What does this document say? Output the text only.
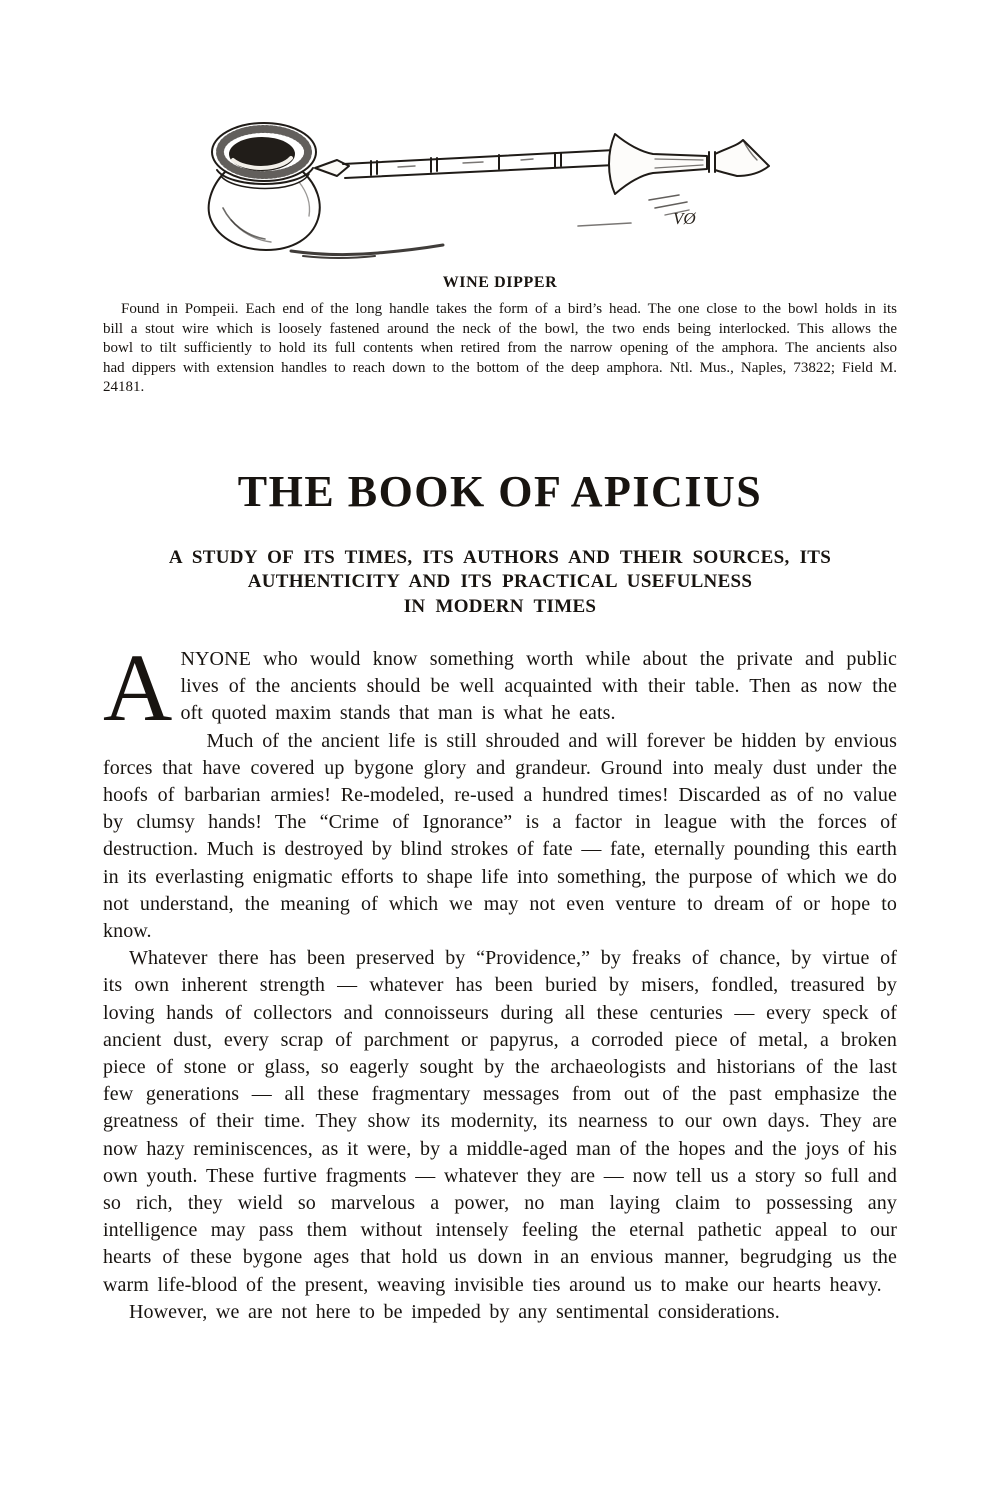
VØ
WINE DIPPER

Found in Pompeii. Each end of the long handle takes the form of a bird’s head. The one close to the bowl holds in its bill a stout wire which is loosely fastened around the neck of the bowl, the two ends being interlocked. This allows the bowl to tilt sufficiently to hold its full contents when retired from the narrow opening of the amphora. The ancients also had dippers with extension handles to reach down to the bottom of the deep amphora. Ntl. Mus., Naples, 73822; Field M. 24181.

THE BOOK OF APICIUS
A STUDY OF ITS TIMES, ITS AUTHORS AND THEIR SOURCES, ITS
AUTHENTICITY AND ITS PRACTICAL USEFULNESS
IN MODERN TIMES

ANYONE who would know something worth while about the private and public lives of the ancients should be well acquainted with their table. Then as now the oft quoted maxim stands that man is what he eats.

Much of the ancient life is still shrouded and will forever be hidden by envious forces that have covered up bygone glory and grandeur. Ground into mealy dust under the hoofs of barbarian armies! Re-modeled, re-used a hundred times! Discarded as of no value by clumsy hands! The “Crime of Ignorance” is a factor in league with the forces of destruction. Much is destroyed by blind strokes of fate — fate, eternally pounding this earth in its everlasting enigmatic efforts to shape life into something, the purpose of which we do not understand, the meaning of which we may not even venture to dream of or hope to know.

Whatever there has been preserved by “Providence,” by freaks of chance, by virtue of its own inherent strength — whatever has been buried by misers, fondled, treasured by loving hands of collectors and connoisseurs during all these centuries — every speck of ancient dust, every scrap of parchment or papyrus, a corroded piece of metal, a broken piece of stone or glass, so eagerly sought by the archaeologists and historians of the last few generations — all these fragmentary messages from out of the past emphasize the greatness of their time. They show its modernity, its nearness to our own days. They are now hazy reminiscences, as it were, by a middle-aged man of the hopes and the joys of his own youth. These furtive fragments — whatever they are — now tell us a story so full and so rich, they wield so marvelous a power, no man laying claim to possessing any intelligence may pass them without intensely feeling the eternal pathetic appeal to our hearts of these bygone ages that hold us down in an envious manner, begrudging us the warm life-blood of the present, weaving invisible ties around us to make our hearts heavy.

However, we are not here to be impeded by any sentimental considerations.
